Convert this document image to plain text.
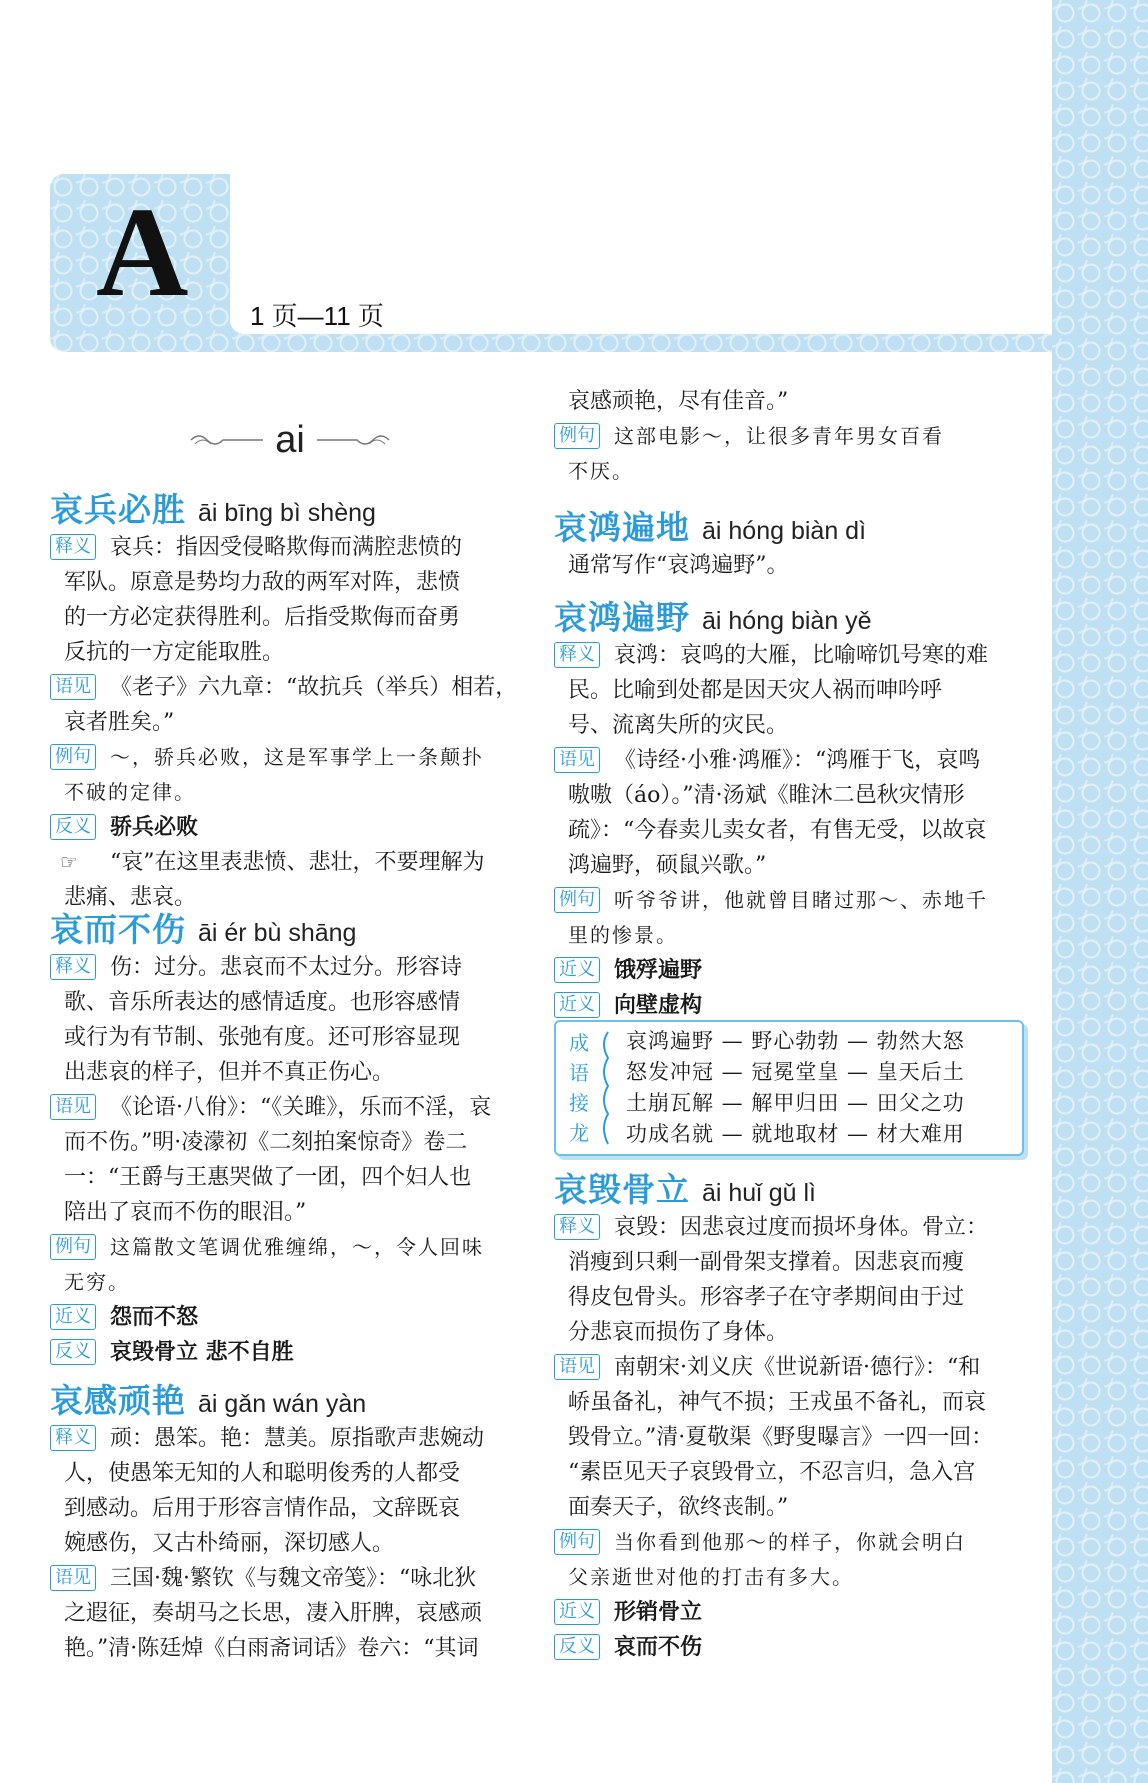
A 1 页—11 页
ai
哀兵必胜 āi bīng bì shèng
释义 哀兵：指因受侵略欺侮而满腔悲愤的
军队。原意是势均力敌的两军对阵，悲愤
的一方必定获得胜利。后指受欺侮而奋勇
反抗的一方定能取胜。
语见 《老子》六九章：“故抗兵（举兵）相若，
哀者胜矣。”
例句 ～，骄兵必败，这是军事学上一条颠扑
不破的定律。
反义 骄兵必败
☞	“哀”在这里表悲愤、悲壮，不要理解为
悲痛、悲哀。
哀而不伤 āi ér bù shāng
释义 伤：过分。悲哀而不太过分。形容诗
歌、音乐所表达的感情适度。也形容感情
或行为有节制、张弛有度。还可形容显现
出悲哀的样子，但并不真正伤心。
语见 《论语·八佾》：“《关雎》，乐而不淫，哀
而不伤。”明·凌濛初《二刻拍案惊奇》卷二
一：“王爵与王惠哭做了一团，四个妇人也
陪出了哀而不伤的眼泪。”
例句 这篇散文笔调优雅缠绵，～，令人回味
无穷。
近义 怨而不怒
反义 哀毁骨立 悲不自胜
哀感顽艳 āi gǎn wán yàn
释义 顽：愚笨。艳：慧美。原指歌声悲婉动
人，使愚笨无知的人和聪明俊秀的人都受
到感动。后用于形容言情作品，文辞既哀
婉感伤，又古朴绮丽，深切感人。
语见 三国·魏·繁钦《与魏文帝笺》：“咏北狄
之遐征，奏胡马之长思，凄入肝脾，哀感顽
艳。”清·陈廷焯《白雨斋词话》卷六：“其词
哀感顽艳，尽有佳音。”
例句 这部电影～，让很多青年男女百看
不厌。
哀鸿遍地 āi hóng biàn dì
通常写作“哀鸿遍野”。
哀鸿遍野 āi hóng biàn yě
释义 哀鸿：哀鸣的大雁，比喻啼饥号寒的难
民。比喻到处都是因天灾人祸而呻吟呼
号、流离失所的灾民。
语见 《诗经·小雅·鸿雁》：“鸿雁于飞，哀鸣
嗷嗷（áo）。”清·汤斌《睢沐二邑秋灾情形
疏》：“今春卖儿卖女者，有售无受，以故哀
鸿遍野，硕鼠兴歌。”
例句 听爷爷讲，他就曾目睹过那～、赤地千
里的惨景。
近义 饿殍遍野
近义 向壁虚构
成
语
接
龙
哀鸿遍野 — 野心勃勃 — 勃然大怒
怒发冲冠 — 冠冕堂皇 — 皇天后土
土崩瓦解 — 解甲归田 — 田父之功
功成名就 — 就地取材 — 材大难用
哀毁骨立 āi huǐ gǔ lì
释义 哀毁：因悲哀过度而损坏身体。骨立：
消瘦到只剩一副骨架支撑着。因悲哀而瘦
得皮包骨头。形容孝子在守孝期间由于过
分悲哀而损伤了身体。
语见 南朝宋·刘义庆《世说新语·德行》：“和
峤虽备礼，神气不损；王戎虽不备礼，而哀
毁骨立。”清·夏敬渠《野叟曝言》一四一回：
“素臣见天子哀毁骨立，不忍言归，急入宫
面奏天子，欲终丧制。”
例句 当你看到他那～的样子，你就会明白
父亲逝世对他的打击有多大。
近义 形销骨立
反义 哀而不伤
